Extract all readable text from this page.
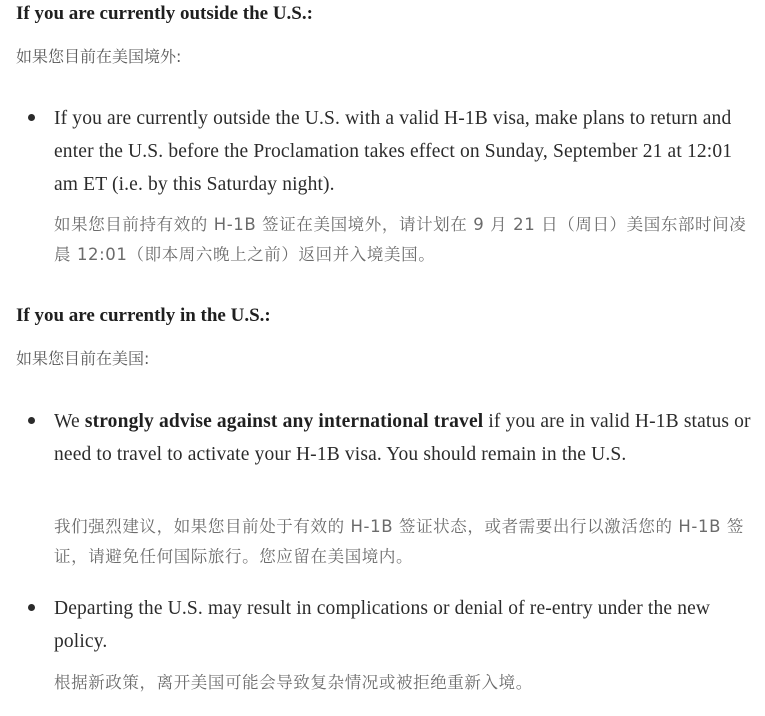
If you are currently outside the U.S.:
如果您目前在美国境外:
If you are currently outside the U.S. with a valid H-1B visa, make plans to return and enter the U.S. before the Proclamation takes effect on Sunday, September 21 at 12:01 am ET (i.e. by this Saturday night).
如果您目前持有效的 H-1B 签证在美国境外，请计划在 9 月 21 日（周日）美国东部时间凌晨 12:01（即本周六晚上之前）返回并入境美国。
If you are currently in the U.S.:
如果您目前在美国:
We strongly advise against any international travel if you are in valid H-1B status or need to travel to activate your H-1B visa. You should remain in the U.S.
我们强烈建议，如果您目前处于有效的 H-1B 签证状态，或者需要出行以激活您的 H-1B 签证，请避免任何国际旅行。您应留在美国境内。
Departing the U.S. may result in complications or denial of re-entry under the new policy.
根据新政策，离开美国可能会导致复杂情况或被拒绝重新入境。
